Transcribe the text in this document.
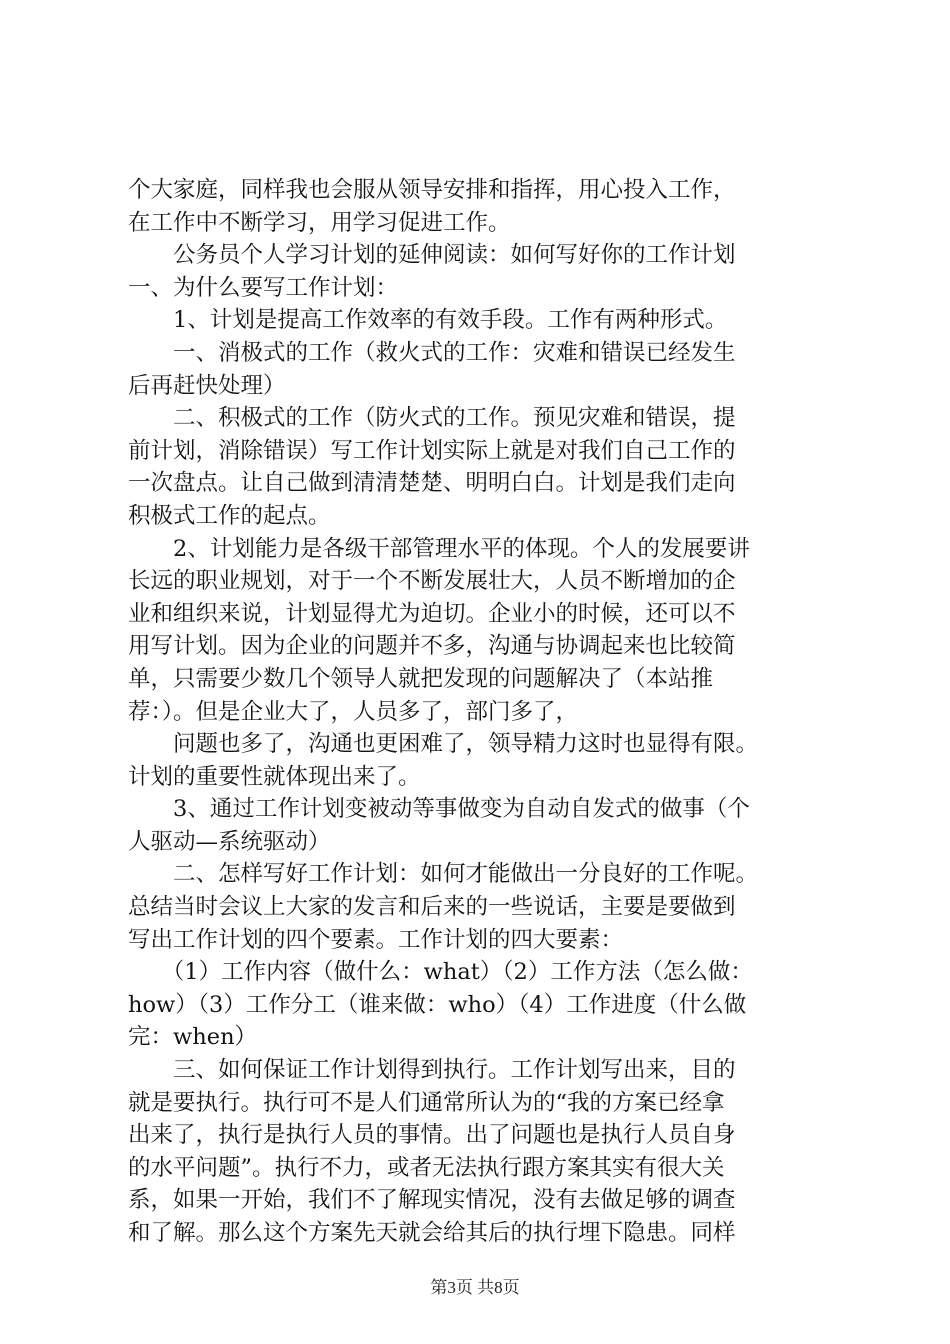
个大家庭，同样我也会服从领导安排和指挥，用心投入工作，
在工作中不断学习，用学习促进工作。
　　公务员个人学习计划的延伸阅读：如何写好你的工作计划
一、为什么要写工作计划：
　　1、计划是提高工作效率的有效手段。工作有两种形式。
　　一、消极式的工作（救火式的工作：灾难和错误已经发生
后再赶快处理）
　　二、积极式的工作（防火式的工作。预见灾难和错误，提
前计划，消除错误）写工作计划实际上就是对我们自己工作的
一次盘点。让自己做到清清楚楚、明明白白。计划是我们走向
积极式工作的起点。
　　2、计划能力是各级干部管理水平的体现。个人的发展要讲
长远的职业规划，对于一个不断发展壮大，人员不断增加的企
业和组织来说，计划显得尤为迫切。企业小的时候，还可以不
用写计划。因为企业的问题并不多，沟通与协调起来也比较简
单，只需要少数几个领导人就把发现的问题解决了（本站推
荐：）。但是企业大了，人员多了，部门多了，
　　问题也多了，沟通也更困难了，领导精力这时也显得有限。
计划的重要性就体现出来了。
　　3、通过工作计划变被动等事做变为自动自发式的做事（个
人驱动—系统驱动）
　　二、怎样写好工作计划：如何才能做出一分良好的工作呢。
总结当时会议上大家的发言和后来的一些说话，主要是要做到
写出工作计划的四个要素。工作计划的四大要素：
　　（1）工作内容（做什么：what）（2）工作方法（怎么做：
how）（3）工作分工（谁来做：who）（4）工作进度（什么做
完：when）
　　三、如何保证工作计划得到执行。工作计划写出来，目的
就是要执行。执行可不是人们通常所认为的“我的方案已经拿
出来了，执行是执行人员的事情。出了问题也是执行人员自身
的水平问题”。执行不力，或者无法执行跟方案其实有很大关
系，如果一开始，我们不了解现实情况，没有去做足够的调查
和了解。那么这个方案先天就会给其后的执行埋下隐患。同样
第3页 共8页
